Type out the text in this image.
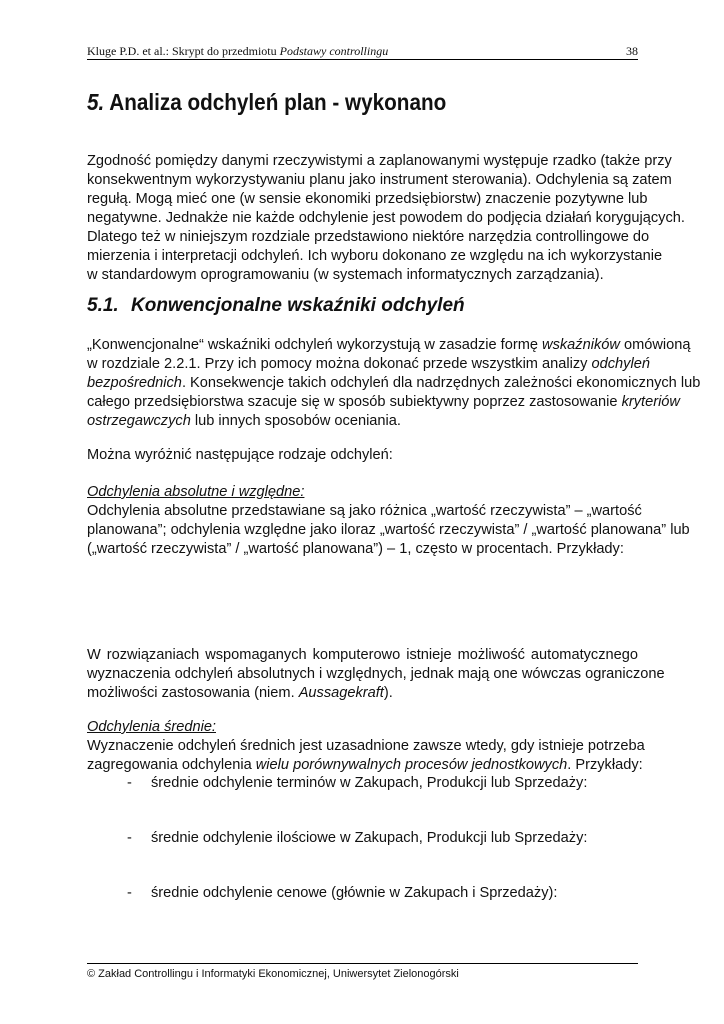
Kluge P.D. et al.: Skrypt do przedmiotu Podstawy controllingu	38
5. Analiza odchyleń plan - wykonano
Zgodność pomiędzy danymi rzeczywistymi a zaplanowanymi występuje rzadko (także przy
konsekwentnym wykorzystywaniu planu jako instrument sterowania). Odchylenia są zatem
regułą. Mogą mieć one (w sensie ekonomiki przedsiębiorstw) znaczenie pozytywne lub
negatywne. Jednakże nie każde odchylenie jest powodem do podjęcia działań korygujących.
Dlatego też w niniejszym rozdziale przedstawiono niektóre narzędzia controllingowe do
mierzenia i interpretacji odchyleń. Ich wyboru dokonano ze względu na ich wykorzystanie
w standardowym oprogramowaniu (w systemach informatycznych zarządzania).
5.1. Konwencjonalne wskaźniki odchyleń
„Konwencjonalne“ wskaźniki odchyleń wykorzystują w zasadzie formę wskaźników omówioną
w rozdziale 2.2.1. Przy ich pomocy można dokonać przede wszystkim analizy odchyleń
bezpośrednich. Konsekwencje takich odchyleń dla nadrzędnych zależności ekonomicznych lub
całego przedsiębiorstwa szacuje się w sposób subiektywny poprzez zastosowanie kryteriów
ostrzegawczych lub innych sposobów oceniania.

Można wyróżnić następujące rodzaje odchyleń:

Odchylenia absolutne i względne:
Odchylenia absolutne przedstawiane są jako różnica „wartość rzeczywista” – „wartość
planowana”; odchylenia względne jako iloraz „wartość rzeczywista” / „wartość planowana” lub
(„wartość rzeczywista” / „wartość planowana”) – 1, często w procentach. Przykłady:
W rozwiązaniach wspomaganych komputerowo istnieje możliwość automatycznego
wyznaczenia odchyleń absolutnych i względnych, jednak mają one wówczas ograniczone
możliwości zastosowania (niem. Aussagekraft).
Odchylenia średnie:
Wyznaczenie odchyleń średnich jest uzasadnione zawsze wtedy, gdy istnieje potrzeba
zagregowania odchylenia wielu porównywalnych procesów jednostkowych. Przykłady:
- średnie odchylenie terminów w Zakupach, Produkcji lub Sprzedaży:
- średnie odchylenie ilościowe w Zakupach, Produkcji lub Sprzedaży:
- średnie odchylenie cenowe (głównie w Zakupach i Sprzedaży):
© Zakład Controllingu i Informatyki Ekonomicznej, Uniwersytet Zielonogórski
